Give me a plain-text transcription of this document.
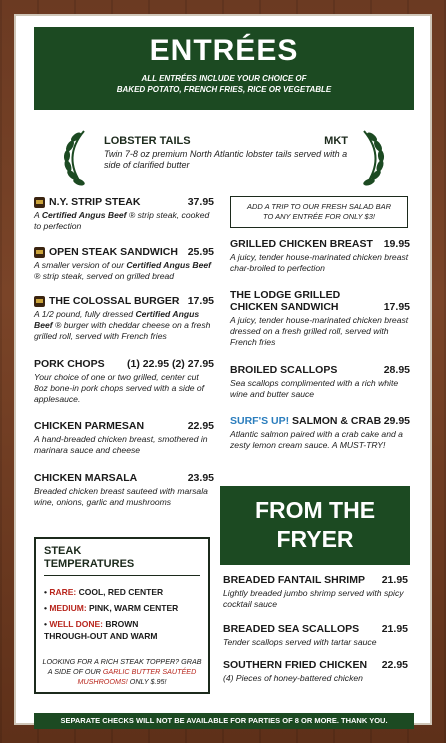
ENTRÉES
ALL ENTRÉES INCLUDE YOUR CHOICE OF
BAKED POTATO, FRENCH FRIES, RICE OR VEGETABLE
LOBSTER TAILS	MKT
Twin 7-8 oz premium North Atlantic lobster tails served with a side of clarified butter
N.Y. STRIP STEAK	37.95
A Certified Angus Beef ® strip steak, cooked to perfection
OPEN STEAK SANDWICH 25.95
A smaller version of our Certified Angus Beef ® strip steak, served on grilled bread
THE COLOSSAL BURGER 17.95
A 1/2 pound, fully dressed Certified Angus Beef ® burger with cheddar cheese on a fresh grilled roll, served with French fries
PORK CHOPS (1) 22.95 (2) 27.95
Your choice of one or two grilled, center cut 8oz bone-in pork chops served with a side of applesauce.
CHICKEN PARMESAN	22.95
A hand-breaded chicken breast, smothered in marinara sauce and cheese
CHICKEN MARSALA	23.95
Breaded chicken breast sauteed with marsala wine, onions, garlic and mushrooms
ADD A TRIP TO OUR FRESH SALAD BAR
TO ANY ENTRÉE FOR ONLY $3!
GRILLED CHICKEN BREAST 19.95
A juicy, tender house-marinated chicken breast char-broiled to perfection
THE LODGE GRILLED
CHICKEN SANDWICH	17.95
A juicy, tender house-marinated chicken breast dressed on a fresh grilled roll, served with French fries
BROILED SCALLOPS	28.95
Sea scallops complimented with a rich white wine and butter sauce
SURF'S UP! SALMON & CRAB 29.95
Atlantic salmon paired with a crab cake and a zesty lemon cream sauce. A MUST-TRY!
FROM THE
FRYER
BREADED FANTAIL SHRIMP 21.95
Lightly breaded jumbo shrimp served with spicy cocktail sauce
BREADED SEA SCALLOPS 21.95
Tender scallops served with tartar sauce
SOUTHERN FRIED CHICKEN 22.95
(4) Pieces of honey-battered chicken
STEAK
TEMPERATURES
• RARE: COOL, RED CENTER
• MEDIUM: PINK, WARM CENTER
• WELL DONE: BROWN THROUGH-OUT AND WARM
LOOKING FOR A RICH STEAK TOPPER? GRAB A SIDE OF OUR GARLIC BUTTER SAUTÉED MUSHROOMS! ONLY $.95!
SEPARATE CHECKS WILL NOT BE AVAILABLE FOR PARTIES OF 8 OR MORE. THANK YOU.
